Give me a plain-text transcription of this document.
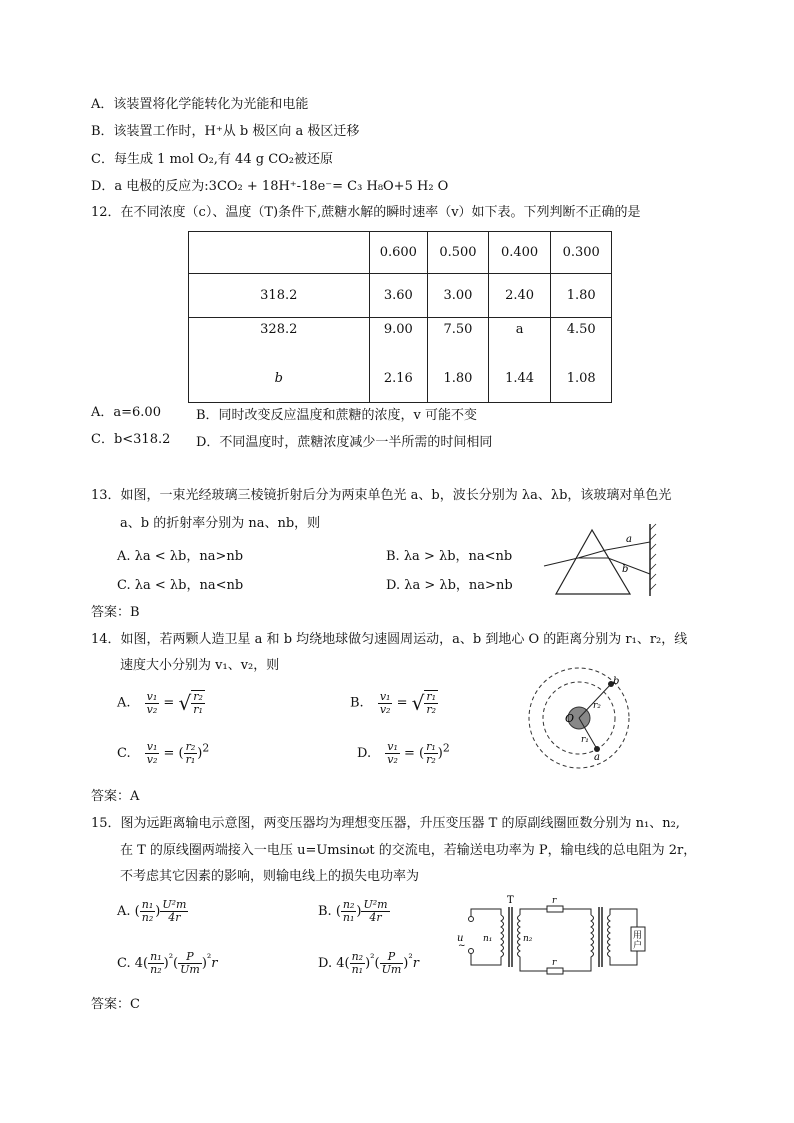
A．该装置将化学能转化为光能和电能
B．该装置工作时，H⁺从 b 极区向 a 极区迁移
C．每生成 1 mol O₂,有 44 g CO₂被还原
D．a 电极的反应为:3CO₂ + 18H⁺-18e⁻= C₃ H₈O+5 H₂ O
12．在不同浓度（c）、温度（T)条件下,蔗糖水解的瞬时速率（v）如下表。下列判断不正确的是
	0.600	0.500	0.400	0.300
318.2	3.60	3.00	2.40	1.80
328.2	9.00	7.50	a	4.50
b	2.16	1.80	1.44	1.08
A．a=6.00	B．同时改变反应温度和蔗糖的浓度，v 可能不变
C．b<318.2 D．不同温度时，蔗糖浓度减少一半所需的时间相同
13．如图，一束光经玻璃三棱镜折射后分为两束单色光 a、b，波长分别为 λa、λb，该玻璃对单色光
a、b 的折射率分别为 na、nb，则
A. λa < λb，na>nb	B. λa > λb，na<nb
C. λa < λb，na<nb	D. λa > λb，na>nb
a
b
答案：B
14．如图，若两颗人造卫星 a 和 b 均绕地球做匀速圆周运动，a、b 到地心 O 的距离分别为 r₁、r₂，线
速度大小分别为 v₁、v₂，则
A. $\frac{\text{v₁}}{\text{v₂}}$ = √ $\frac{\text{r₂}}{\text{r₁}}$	B. $\frac{\text{v₁}}{\text{v₂}}$ = √ $\frac{\text{r₁}}{\text{r₂}}$
C. $\frac{\text{v₁}}{\text{v₂}}$ = ( $\frac{\text{r₂}}{\text{r₁}} )^2$	D. $\frac{\text{v₁}}{\text{v₂}}$ = ( $\frac{\text{r₁}}{\text{r₂}} )^2$
O
b
a
r₂
r₁
答案：A
15．图为远距离输电示意图，两变压器均为理想变压器，升压变压器 T 的原副线圈匝数分别为 n₁、n₂,
在 T 的原线圈两端接入一电压 u=Umsinωt 的交流电，若输送电功率为 P，输电线的总电阻为 2r，
不考虑其它因素的影响，则输电线上的损失电功率为
A. ( $\frac{\text{n₁}}{\text{n₂}}$ ) $\frac{\text{U²m}}{4r}$	B. ( $\frac{\text{n₂}}{\text{n₁}}$ ) $\frac{\text{U²m}}{4r}$
C. $4( \frac{\text{n₁}}{\text{n₂}} )^{^2}( \frac{P}{Um} )^{^2}r$	D. $4( \frac{\text{n₂}}{\text{n₁}} )^{^2}( \frac{P}{Um} )^{^2}r$
u
~
n₁
T
n₂
r
r
用
户
答案：C
